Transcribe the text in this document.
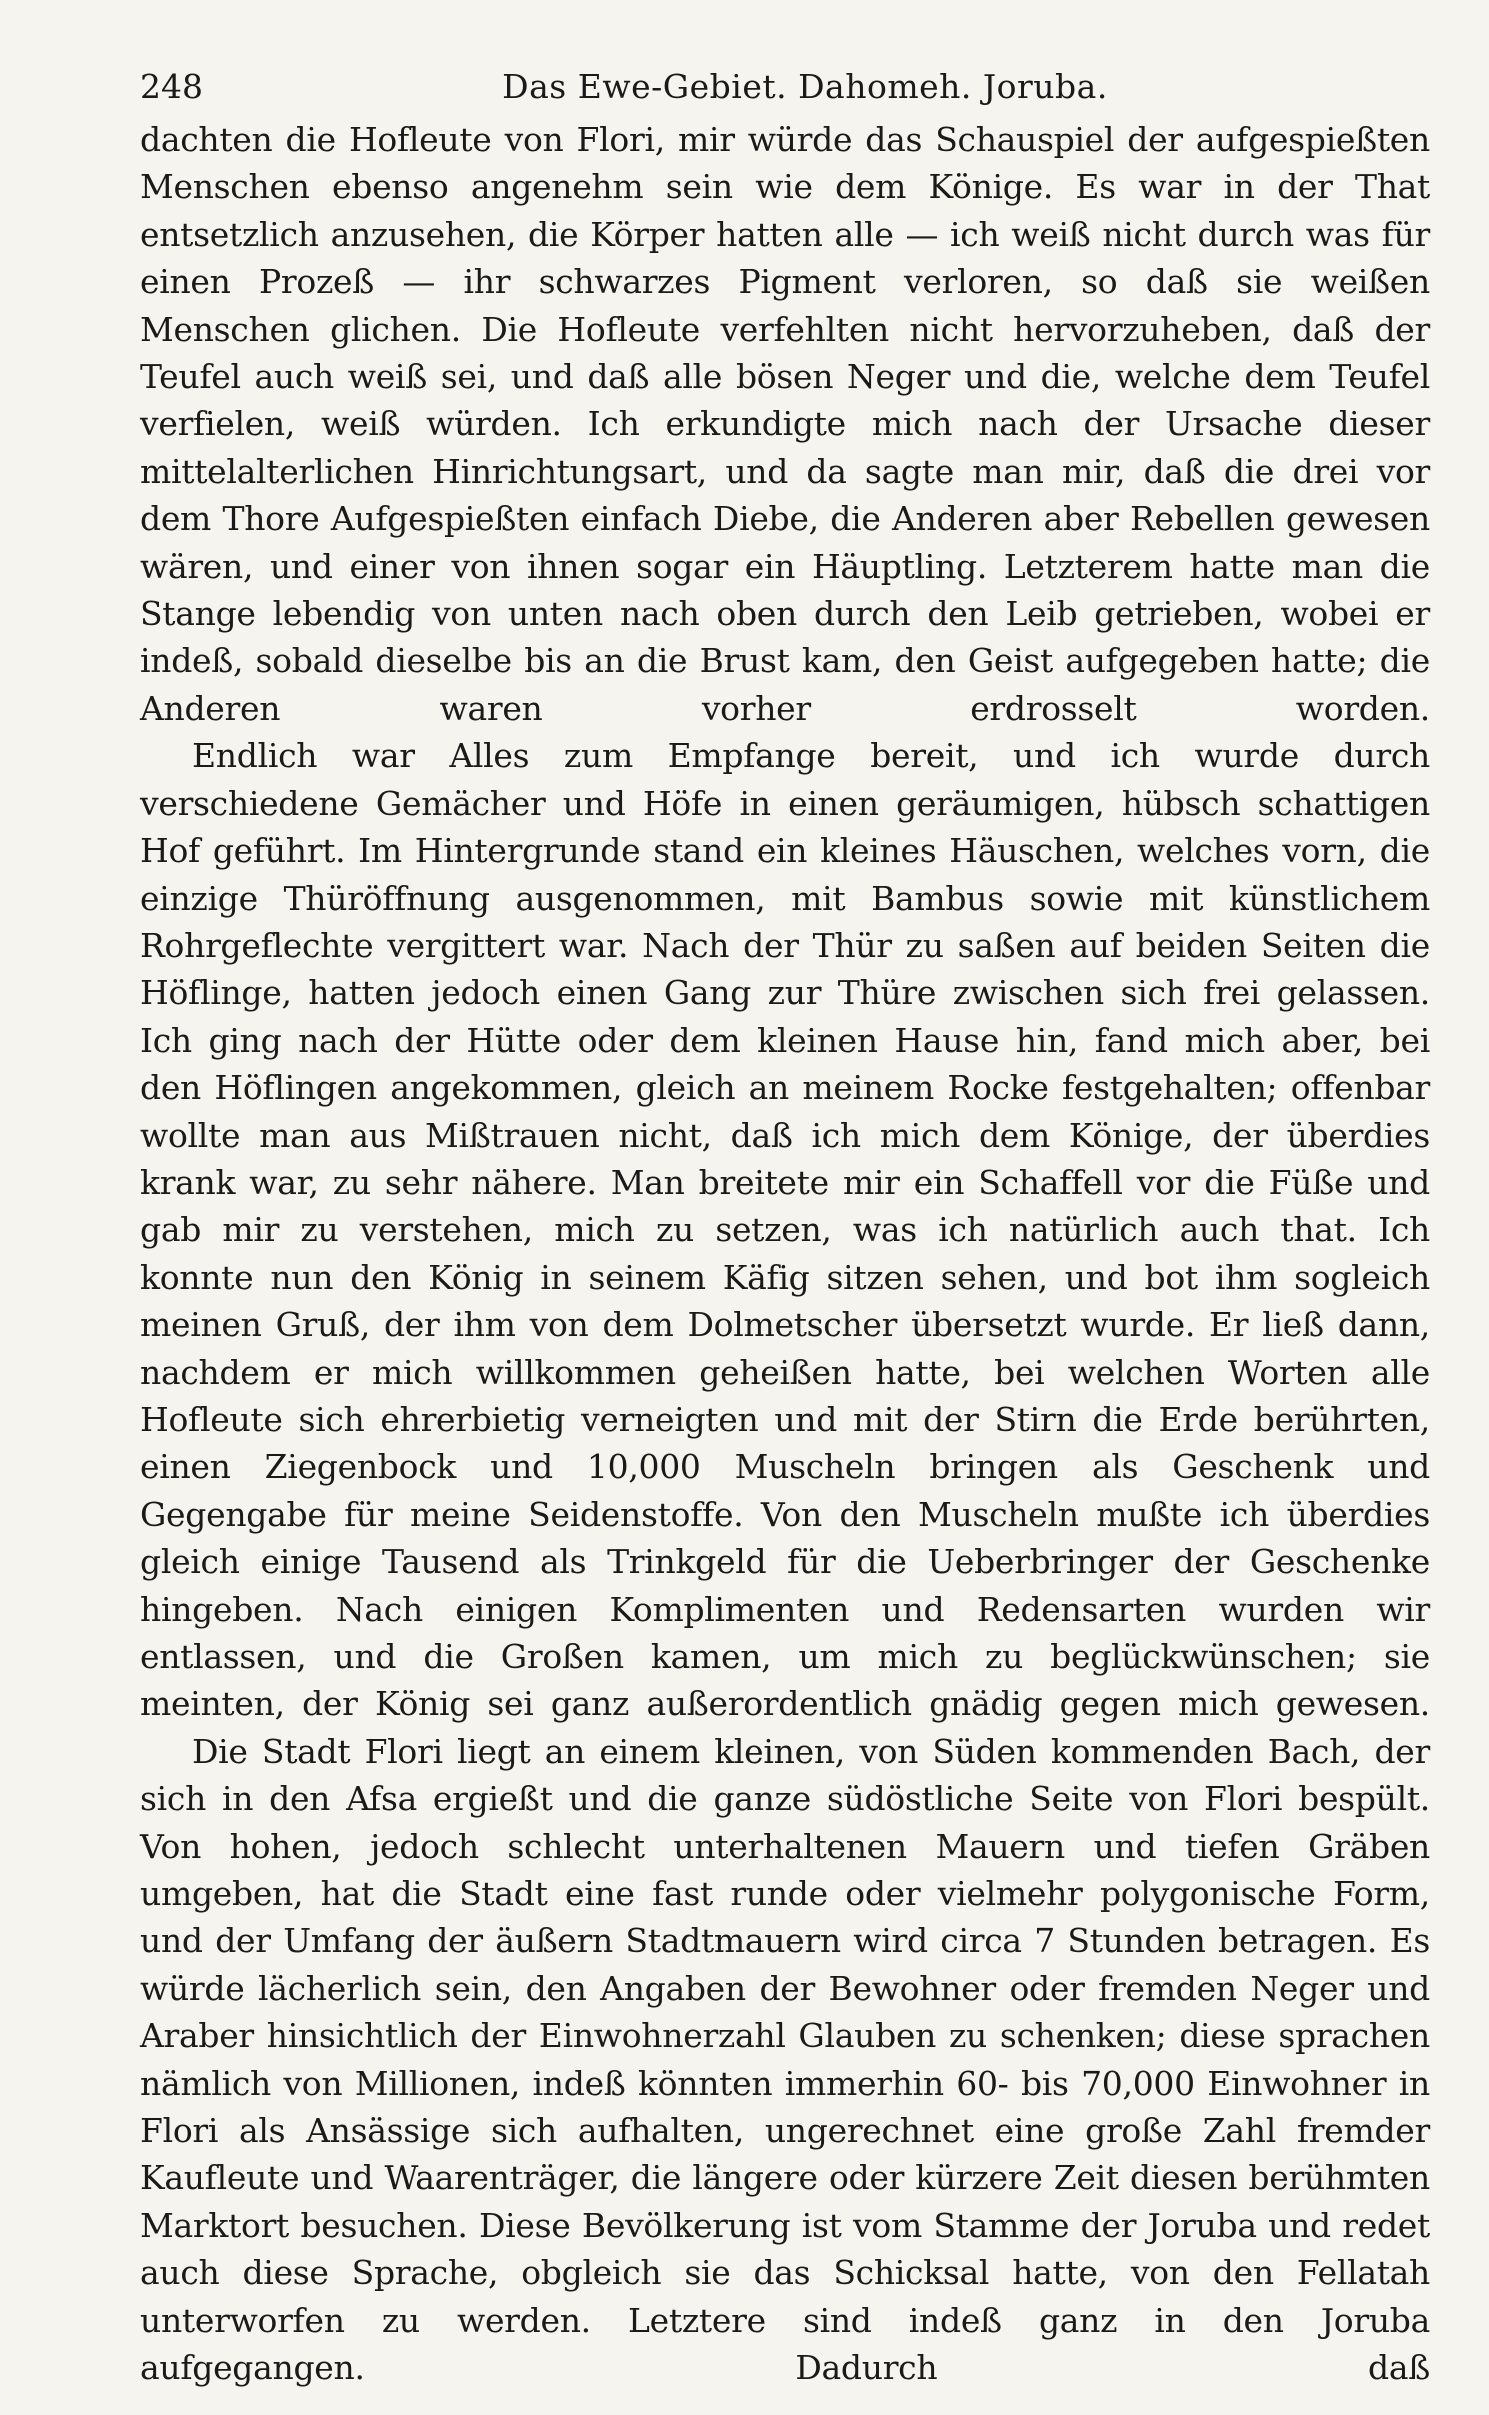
248	Das Ewe-Gebiet. Dahomeh. Joruba.

dachten die Hofleute von Flori, mir würde das Schauspiel der aufgespießten Menschen ebenso angenehm sein wie dem Könige. Es war in der That entsetzlich anzusehen, die Körper hatten alle — ich weiß nicht durch was für einen Prozeß — ihr schwarzes Pigment verloren, so daß sie weißen Menschen glichen. Die Hofleute verfehlten nicht hervorzuheben, daß der Teufel auch weiß sei, und daß alle bösen Neger und die, welche dem Teufel verfielen, weiß würden. Ich erkundigte mich nach der Ursache dieser mittelalterlichen Hinrichtungsart, und da sagte man mir, daß die drei vor dem Thore Aufgespießten einfach Diebe, die Anderen aber Rebellen gewesen wären, und einer von ihnen sogar ein Häuptling. Letzterem hatte man die Stange lebendig von unten nach oben durch den Leib getrieben, wobei er indeß, sobald dieselbe bis an die Brust kam, den Geist aufgegeben hatte; die Anderen waren vorher erdrosselt worden.

Endlich war Alles zum Empfange bereit, und ich wurde durch verschiedene Gemächer und Höfe in einen geräumigen, hübsch schattigen Hof geführt. Im Hintergrunde stand ein kleines Häuschen, welches vorn, die einzige Thüröffnung ausgenommen, mit Bambus sowie mit künstlichem Rohrgeflechte vergittert war. Nach der Thür zu saßen auf beiden Seiten die Höflinge, hatten jedoch einen Gang zur Thüre zwischen sich frei gelassen. Ich ging nach der Hütte oder dem kleinen Hause hin, fand mich aber, bei den Höflingen angekommen, gleich an meinem Rocke festgehalten; offenbar wollte man aus Mißtrauen nicht, daß ich mich dem Könige, der überdies krank war, zu sehr nähere. Man breitete mir ein Schaffell vor die Füße und gab mir zu verstehen, mich zu setzen, was ich natürlich auch that. Ich konnte nun den König in seinem Käfig sitzen sehen, und bot ihm sogleich meinen Gruß, der ihm von dem Dolmetscher übersetzt wurde. Er ließ dann, nachdem er mich willkommen geheißen hatte, bei welchen Worten alle Hofleute sich ehrerbietig verneigten und mit der Stirn die Erde berührten, einen Ziegenbock und 10,000 Muscheln bringen als Geschenk und Gegengabe für meine Seidenstoffe. Von den Muscheln mußte ich überdies gleich einige Tausend als Trinkgeld für die Ueberbringer der Geschenke hingeben. Nach einigen Komplimenten und Redensarten wurden wir entlassen, und die Großen kamen, um mich zu beglückwünschen; sie meinten, der König sei ganz außerordentlich gnädig gegen mich gewesen.

Die Stadt Flori liegt an einem kleinen, von Süden kommenden Bach, der sich in den Afsa ergießt und die ganze südöstliche Seite von Flori bespült. Von hohen, jedoch schlecht unterhaltenen Mauern und tiefen Gräben umgeben, hat die Stadt eine fast runde oder vielmehr polygonische Form, und der Umfang der äußern Stadtmauern wird circa 7 Stunden betragen. Es würde lächerlich sein, den Angaben der Bewohner oder fremden Neger und Araber hinsichtlich der Einwohnerzahl Glauben zu schenken; diese sprachen nämlich von Millionen, indeß könnten immerhin 60- bis 70,000 Einwohner in Flori als Ansässige sich aufhalten, ungerechnet eine große Zahl fremder Kaufleute und Waarenträger, die längere oder kürzere Zeit diesen berühmten Marktort besuchen. Diese Bevölkerung ist vom Stamme der Joruba und redet auch diese Sprache, obgleich sie das Schicksal hatte, von den Fellatah unterworfen zu werden. Letztere sind indeß ganz in den Joruba aufgegangen. Dadurch daß
